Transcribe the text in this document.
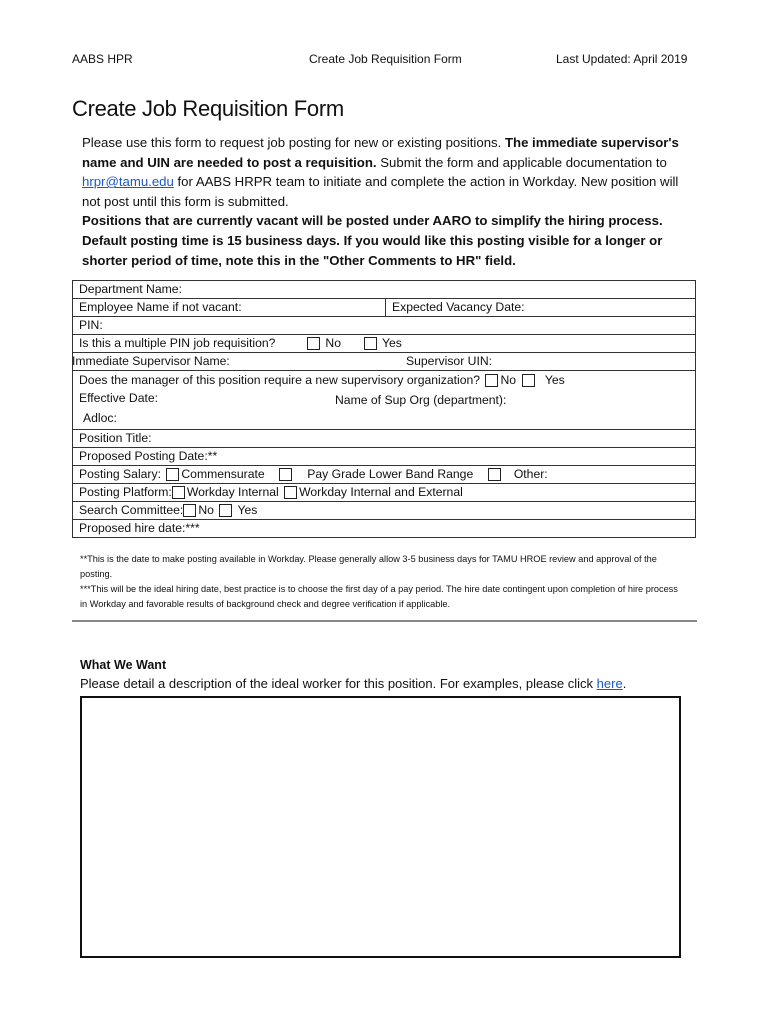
AABS HPR	Create Job Requisition Form	Last Updated: April 2019
Create Job Requisition Form
Please use this form to request job posting for new or existing positions. The immediate supervisor's name and UIN are needed to post a requisition. Submit the form and applicable documentation to hrpr@tamu.edu for AABS HRPR team to initiate and complete the action in Workday. New position will not post until this form is submitted.
Positions that are currently vacant will be posted under AARO to simplify the hiring process. Default posting time is 15 business days. If you would like this posting visible for a longer or shorter period of time, note this in the "Other Comments to HR" field.
Department Name:
Employee Name if not vacant:	Expected Vacancy Date:
PIN:
Is this a multiple PIN job requisition?	No	Yes
Immediate Supervisor Name:	Supervisor UIN:
Does the manager of this position require a new supervisory organization? No Yes
Effective Date:	Name of Sup Org (department):
Adloc:
Position Title:
Proposed Posting Date:**
Posting Salary: Commensurate	Pay Grade Lower Band Range	Other:
Posting Platform: Workday Internal Workday Internal and External
Search Committee: No Yes
Proposed hire date:***
**This is the date to make posting available in Workday. Please generally allow 3-5 business days for TAMU HROE review and approval of the posting.
***This will be the ideal hiring date, best practice is to choose the first day of a pay period. The hire date contingent upon completion of hire process in Workday and favorable results of background check and degree verification if applicable.
What We Want
Please detail a description of the ideal worker for this position. For examples, please click here.
